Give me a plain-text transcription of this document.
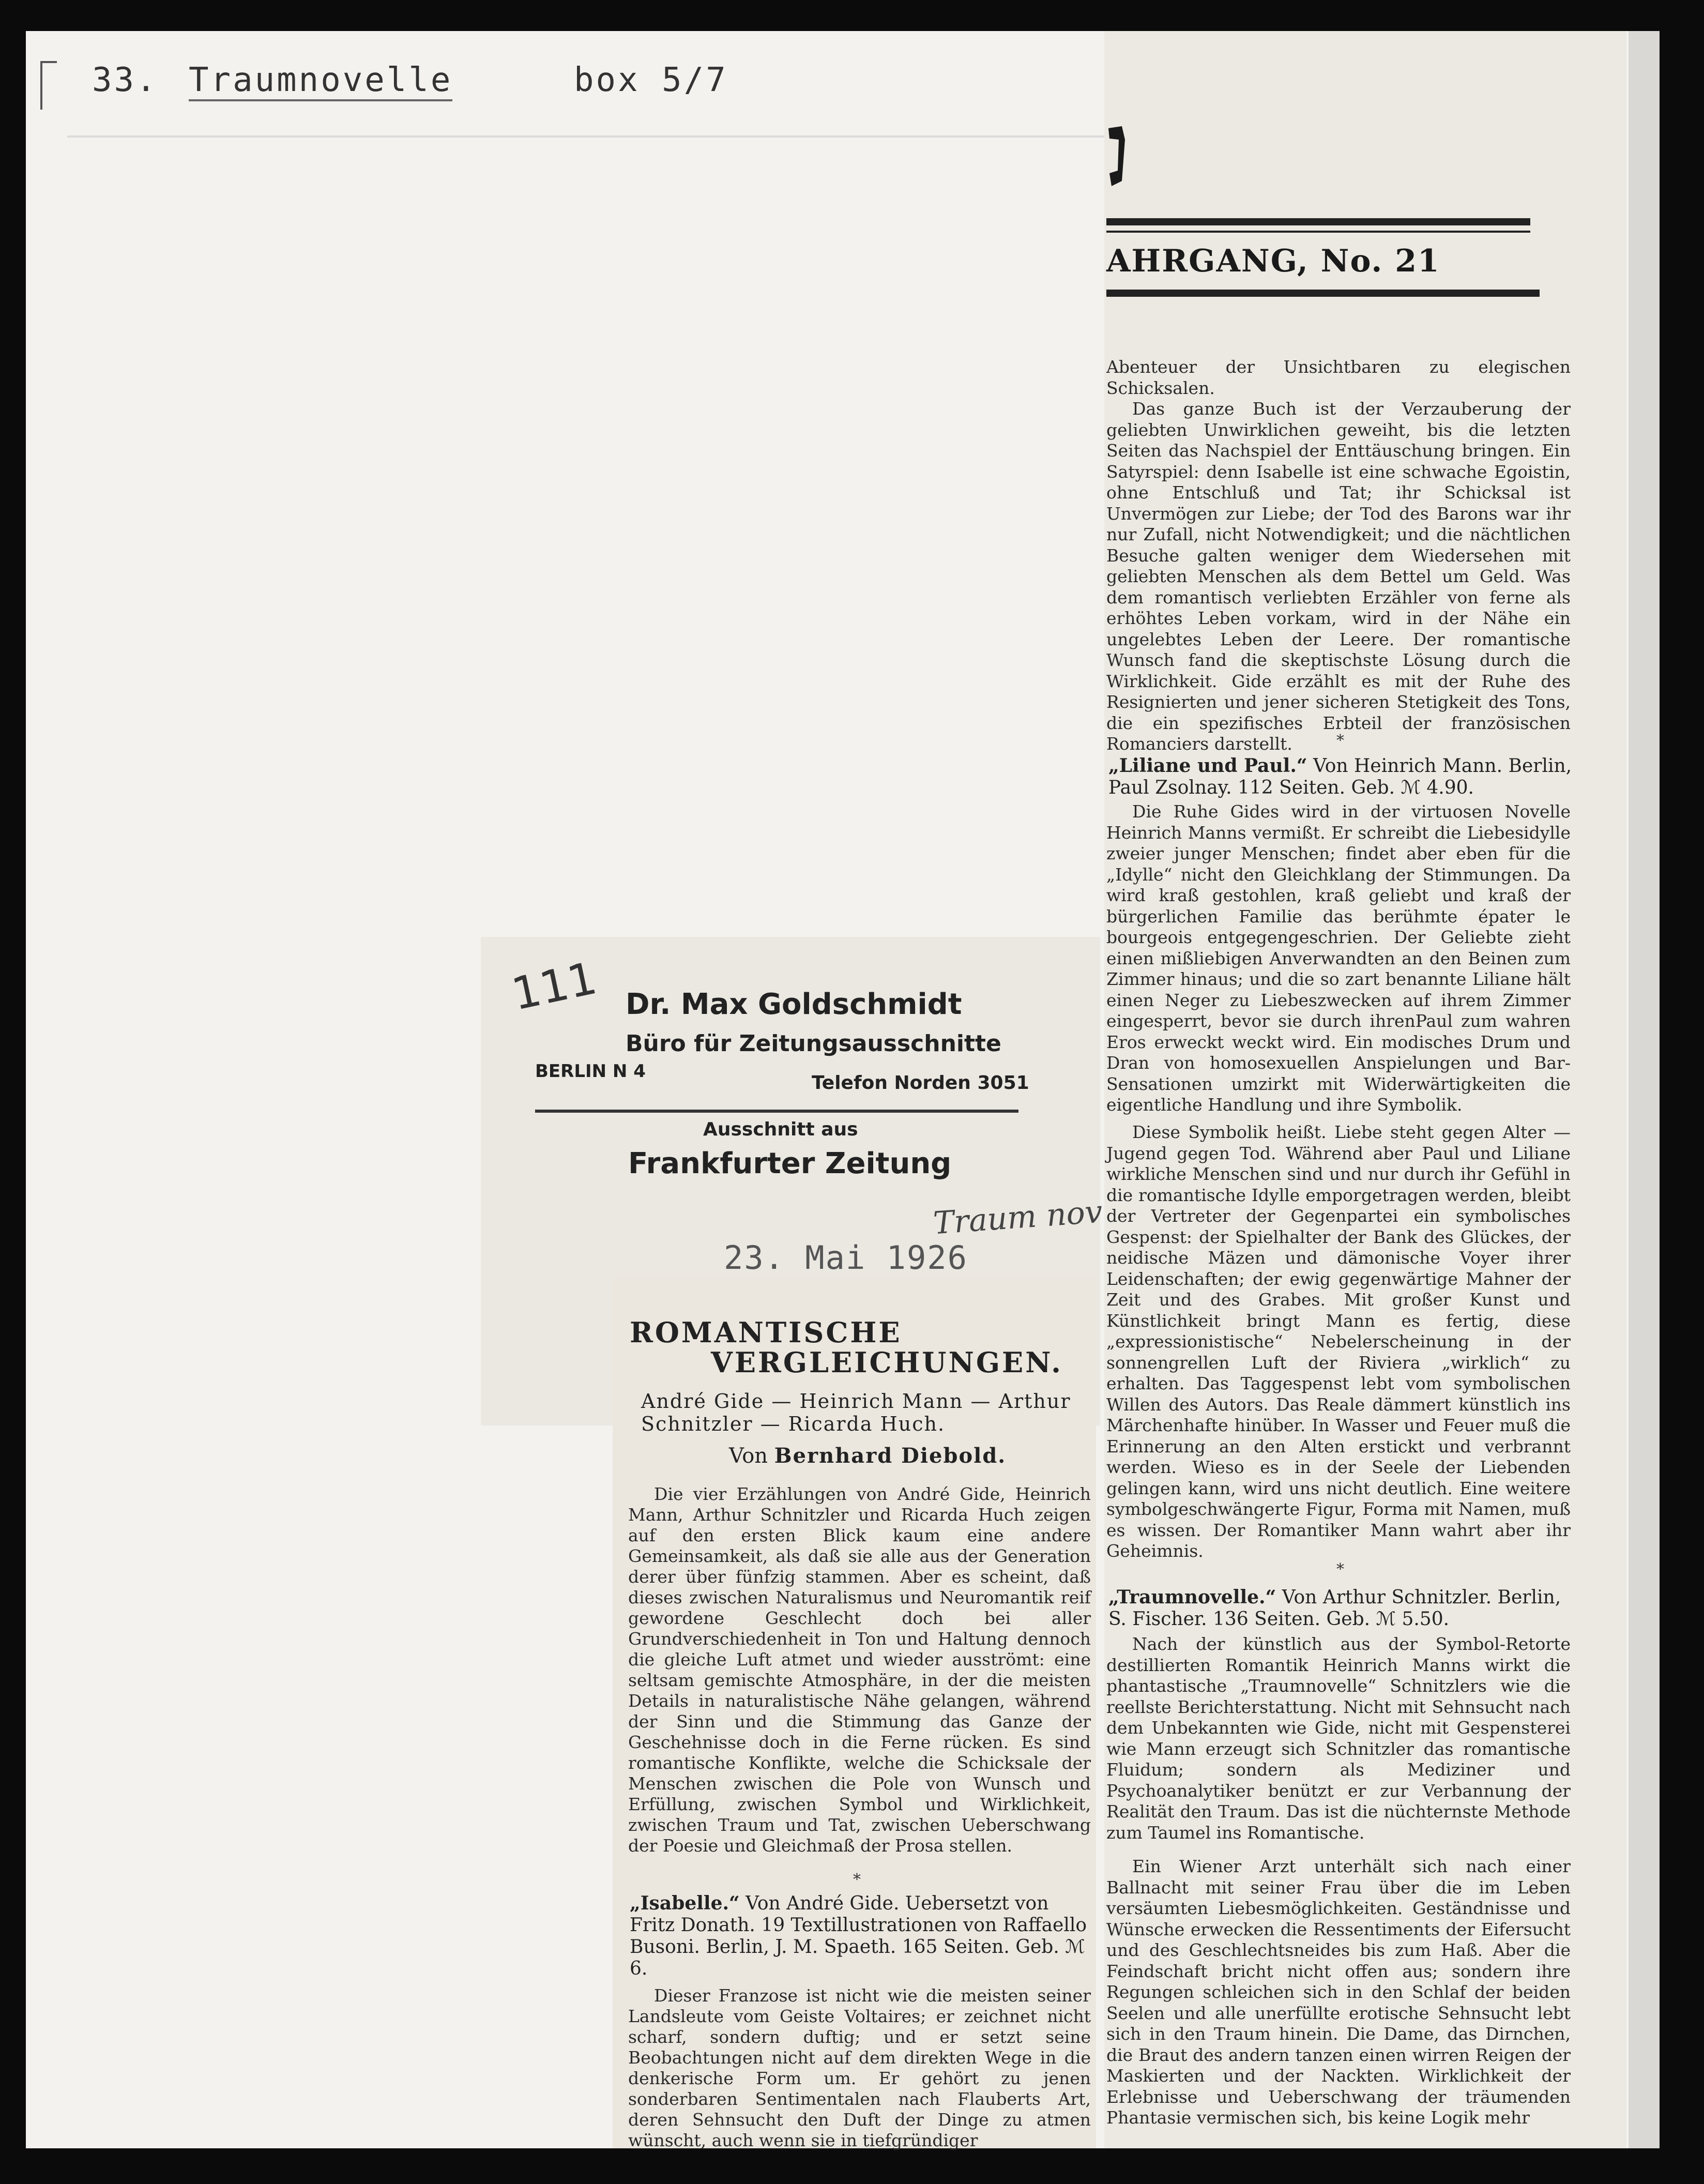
33. Traumnovelle	box 5/7
AHRGANG, No. 21
Abenteuer der Unsichtbaren zu elegischen Schicksalen.
Das ganze Buch ist der Verzauberung der geliebten Unwirklichen geweiht, bis die letzten Seiten das Nachspiel der Enttäuschung bringen. Ein Satyrspiel: denn Isabelle ist eine schwache Egoistin, ohne Entschluß und Tat; ihr Schicksal ist Unvermögen zur Liebe; der Tod des Barons war ihr nur Zufall, nicht Notwendigkeit; und die nächtlichen Besuche galten weniger dem Wiedersehen mit geliebten Menschen als dem Bettel um Geld. Was dem romantisch verliebten Erzähler von ferne als erhöhtes Leben vorkam, wird in der Nähe ein ungelebtes Leben der Leere. Der romantische Wunsch fand die skeptischste Lösung durch die Wirklichkeit. Gide erzählt es mit der Ruhe des Resignierten und jener sicheren Stetigkeit des Tons, die ein spezifisches Erbteil der französischen Romanciers darstellt.	*
„Liliane und Paul.“ Von Heinrich Mann. Berlin, Paul Zsolnay. 112 Seiten. Geb. ℳ 4.90.
Die Ruhe Gides wird in der virtuosen Novelle Heinrich Manns vermißt. Er schreibt die Liebesidylle zweier junger Menschen; findet aber eben für die „Idylle“ nicht den Gleichklang der Stimmungen. Da wird kraß gestohlen, kraß geliebt und kraß der bürgerlichen Familie das berühmte épater le bourgeois entgegengeschrien. Der Geliebte zieht einen mißliebigen Anverwandten an den Beinen zum Zimmer hinaus; und die so zart benannte Liliane hält einen Neger zu Liebeszwecken auf ihrem Zimmer eingesperrt, bevor sie durch ihrenPaul zum wahren Eros erweckt weckt wird. Ein modisches Drum und Dran von homosexuellen Anspielungen und Bar-Sensationen umzirkt mit Widerwärtigkeiten die eigentliche Handlung und ihre Symbolik.
Diese Symbolik heißt. Liebe steht gegen Alter — Jugend gegen Tod. Während aber Paul und Liliane wirkliche Menschen sind und nur durch ihr Gefühl in die romantische Idylle emporgetragen werden, bleibt der Vertreter der Gegenpartei ein symbolisches Gespenst: der Spielhalter der Bank des Glückes, der neidische Mäzen und dämonische Voyer ihrer Leidenschaften; der ewig gegenwärtige Mahner der Zeit und des Grabes. Mit großer Kunst und Künstlichkeit bringt Mann es fertig, diese „expressionistische“ Nebelerscheinung in der sonnengrellen Luft der Riviera „wirklich“ zu erhalten. Das Taggespenst lebt vom symbolischen Willen des Autors. Das Reale dämmert künstlich ins Märchenhafte hinüber. In Wasser und Feuer muß die Erinnerung an den Alten erstickt und verbrannt werden. Wieso es in der Seele der Liebenden gelingen kann, wird uns nicht deutlich. Eine weitere symbolgeschwängerte Figur, Forma mit Namen, muß es wissen. Der Romantiker Mann wahrt aber ihr Geheimnis.
*
„Traumnovelle.“ Von Arthur Schnitzler. Berlin, S. Fischer. 136 Seiten. Geb. ℳ 5.50.
Nach der künstlich aus der Symbol-Retorte destillierten Romantik Heinrich Manns wirkt die phantastische „Traumnovelle“ Schnitzlers wie die reellste Berichterstattung. Nicht mit Sehnsucht nach dem Unbekannten wie Gide, nicht mit Gespensterei wie Mann erzeugt sich Schnitzler das romantische Fluidum; sondern als Mediziner und Psychoanalytiker benützt er zur Verbannung der Realität den Traum. Das ist die nüchternste Methode zum Taumel ins Romantische.
Ein Wiener Arzt unterhält sich nach einer Ballnacht mit seiner Frau über die im Leben versäumten Liebesmöglichkeiten. Geständnisse und Wünsche erwecken die Ressentiments der Eifersucht und des Geschlechtsneides bis zum Haß. Aber die Feindschaft bricht nicht offen aus; sondern ihre Regungen schleichen sich in den Schlaf der beiden Seelen und alle unerfüllte erotische Sehnsucht lebt sich in den Traum hinein. Die Dame, das Dirnchen, die Braut des andern tanzen einen wirren Reigen der Maskierten und der Nackten. Wirklichkeit der Erlebnisse und Ueberschwang der träumenden Phantasie vermischen sich, bis keine Logik mehr
111 Dr. Max Goldschmidt
Büro für Zeitungsausschnitte
BERLIN N 4
Telefon Norden 3051
Ausschnitt aus
Frankfurter Zeitung
23. Mai 1926
Traum nov
ROMANTISCHE
VERGLEICHUNGEN.
André Gide — Heinrich Mann — Arthur Schnitzler — Ricarda Huch.
Von Bernhard Diebold.
Die vier Erzählungen von André Gide, Heinrich Mann, Arthur Schnitzler und Ricarda Huch zeigen auf den ersten Blick kaum eine andere Gemeinsamkeit, als daß sie alle aus der Generation derer über fünfzig stammen. Aber es scheint, daß dieses zwischen Naturalismus und Neuromantik reif gewordene Geschlecht doch bei aller Grundverschiedenheit in Ton und Haltung dennoch die gleiche Luft atmet und wieder ausströmt: eine seltsam gemischte Atmosphäre, in der die meisten Details in naturalistische Nähe gelangen, während der Sinn und die Stimmung das Ganze der Geschehnisse doch in die Ferne rücken. Es sind romantische Konflikte, welche die Schicksale der Menschen zwischen die Pole von Wunsch und Erfüllung, zwischen Symbol und Wirklichkeit, zwischen Traum und Tat, zwischen Ueberschwang der Poesie und Gleichmaß der Prosa stellen.
*
„Isabelle.“ Von André Gide. Uebersetzt von Fritz Donath. 19 Textillustrationen von Raffaello Busoni. Berlin, J. M. Spaeth. 165 Seiten. Geb. ℳ 6.
Dieser Franzose ist nicht wie die meisten seiner Landsleute vom Geiste Voltaires; er zeichnet nicht scharf, sondern duftig; und er setzt seine Beobachtungen nicht auf dem direkten Wege in die denkerische Form um. Er gehört zu jenen sonderbaren Sentimentalen nach Flauberts Art, deren Sehnsucht den Duft der Dinge zu atmen wünscht, auch wenn sie in tiefgründiger
